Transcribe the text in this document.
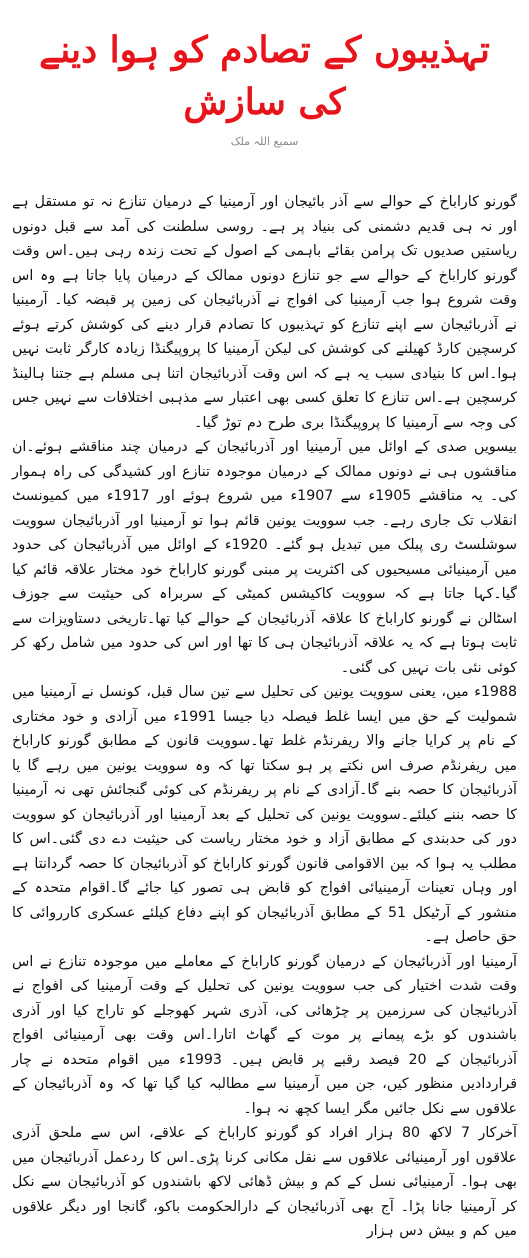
تہذیبوں کے تصادم کو ہوا دینے کی سازش
سمیع اللہ ملک

گورنو کاراباخ کے حوالے سے آذر بائیجان اور آرمینیا کے درمیان تنازع نہ تو مستقل ہے اور نہ ہی قدیم دشمنی کی بنیاد پر ہے۔ روسی سلطنت کی آمد سے قبل دونوں ریاستیں صدیوں تک پرامن بقائے باہمی کے اصول کے تحت زندہ رہی ہیں۔اس وقت گورنو کاراباخ کے حوالے سے جو تنازع دونوں ممالک کے درمیان پایا جاتا ہے وہ اس وقت شروع ہوا جب آرمینیا کی افواج نے آذربائیجان کی زمین پر قبضہ کیا۔ آرمینیا نے آذربائیجان سے اپنے تنازع کو تہذیبوں کا تصادم قرار دینے کی کوشش کرتے ہوئے کرسچین کارڈ کھیلنے کی کوشش کی لیکن آرمینیا کا پروپیگنڈا زیادہ کارگر ثابت نہیں ہوا۔اس کا بنیادی سبب یہ ہے کہ اس وقت آذربائیجان اتنا ہی مسلم ہے جتنا ہالینڈ کرسچین ہے۔اس تنازع کا تعلق کسی بھی اعتبار سے مذہبی اختلافات سے نہیں جس کی وجہ سے آرمینیا کا پروپیگنڈا بری طرح دم توڑ گیا۔

بیسویں صدی کے اوائل میں آرمینیا اور آذربائیجان کے درمیان چند مناقشے ہوئے۔ان مناقشوں ہی نے دونوں ممالک کے درمیان موجودہ تنازع اور کشیدگی کی راہ ہموار کی۔ یہ مناقشے 1905ء سے 1907ء میں شروع ہوئے اور 1917ء میں کمیونسٹ انقلاب تک جاری رہے۔ جب سوویت یونین قائم ہوا تو آرمینیا اور آذربائیجان سوویت سوشلسٹ ری پبلک میں تبدیل ہو گئے۔ 1920ء کے اوائل میں آذربائیجان کی حدود میں آرمینیائی مسیحیوں کی اکثریت پر مبنی گورنو کاراباخ خود مختار علاقہ قائم کیا گیا۔کہا جاتا ہے کہ سوویت کاکیشس کمیٹی کے سربراہ کی حیثیت سے جوزف اسٹالن نے گورنو کاراباخ کا علاقہ آذربائیجان کے حوالے کیا تھا۔تاریخی دستاویزات سے ثابت ہوتا ہے کہ یہ علاقہ آذربائیجان ہی کا تھا اور اس کی حدود میں شامل رکھ کر کوئی نئی بات نہیں کی گئی۔

1988ء میں، یعنی سوویت یونین کی تحلیل سے تین سال قبل، کونسل نے آرمینیا میں شمولیت کے حق میں ایسا غلط فیصلہ دیا جیسا 1991ء میں آزادی و خود مختاری کے نام پر کرایا جانے والا ریفرنڈم غلط تھا۔سوویت قانون کے مطابق گورنو کاراباخ میں ریفرنڈم صرف اس نکتے پر ہو سکتا تھا کہ وہ سوویت یونین میں رہے گا یا آذربائیجان کا حصہ بنے گا۔آزادی کے نام پر ریفرنڈم کی کوئی گنجائش تھی نہ آرمینیا کا حصہ بننے کیلئے۔سوویت یونین کی تحلیل کے بعد آرمینیا اور آذربائیجان کو سوویت دور کی حدبندی کے مطابق آزاد و خود مختار ریاست کی حیثیت دے دی گئی۔اس کا مطلب یہ ہوا کہ بین الاقوامی قانون گورنو کاراباخ کو آذربائیجان کا حصہ گردانتا ہے اور وہاں تعینات آرمینیائی افواج کو قابض ہی تصور کیا جائے گا۔اقوام متحدہ کے منشور کے آرٹیکل 51 کے مطابق آذربائیجان کو اپنے دفاع کیلئے عسکری کارروائی کا حق حاصل ہے۔

آرمینیا اور آذربائیجان کے درمیان گورنو کاراباخ کے معاملے میں موجودہ تنازع نے اس وقت شدت اختیار کی جب سوویت یونین کی تحلیل کے وقت آرمینیا کی افواج نے آذربائیجان کی سرزمین پر چڑھائی کی، آذری شہر کھوجلے کو تاراج کیا اور آذری باشندوں کو بڑے پیمانے پر موت کے گھاٹ اتارا۔اس وقت بھی آرمینیائی افواج آذربائیجان کے 20 فیصد رقبے پر قابض ہیں۔ 1993ء میں اقوام متحدہ نے چار قراردادیں منظور کیں، جن میں آرمینیا سے مطالبہ کیا گیا تھا کہ وہ آذربائیجان کے علاقوں سے نکل جائیں مگر ایسا کچھ نہ ہوا۔

آخرکار 7 لاکھ 80 ہزار افراد کو گورنو کاراباخ کے علاقے، اس سے ملحق آذری علاقوں اور آرمینیائی علاقوں سے نقل مکانی کرنا پڑی۔اس کا ردعمل آذربائیجان میں بھی ہوا۔ آرمینیائی نسل کے کم و بیش ڈھائی لاکھ باشندوں کو آذربائیجان سے نکل کر آرمینیا جانا پڑا۔ آج بھی آذربائیجان کے دارالحکومت باکو، گانجا اور دیگر علاقوں میں کم و بیش دس ہزار
